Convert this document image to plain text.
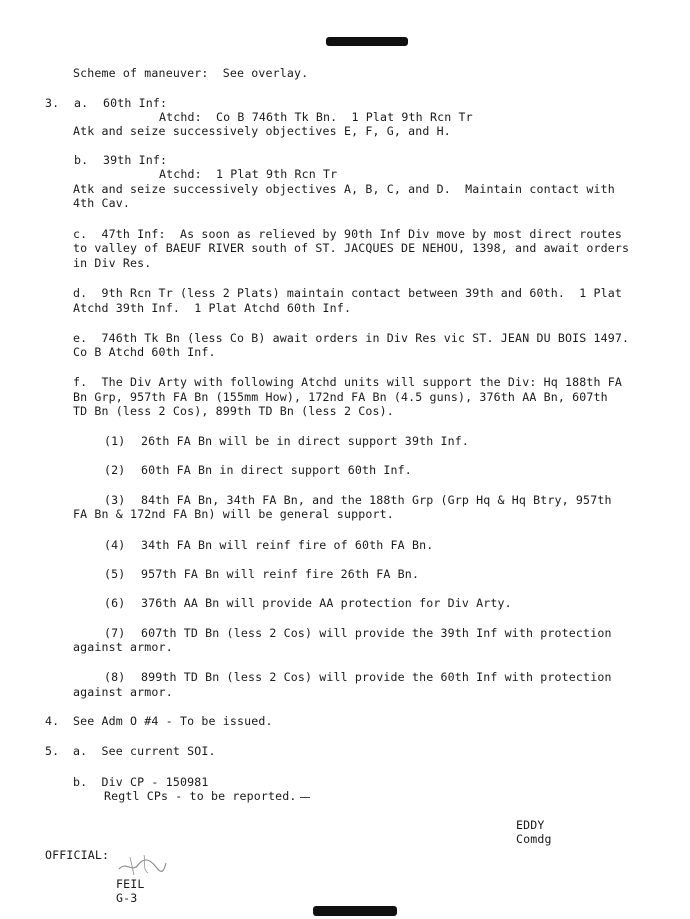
Scheme of maneuver:  See overlay.
3. a. 60th Inf:
Atchd:  Co B 746th Tk Bn.  1 Plat 9th Rcn Tr
Atk and seize successively objectives E, F, G, and H.
b. 39th Inf:
Atchd:  1 Plat 9th Rcn Tr
Atk and seize successively objectives A, B, C, and D.  Maintain contact with
4th Cav.
c.  47th Inf:  As soon as relieved by 90th Inf Div move by most direct routes
to valley of BAEUF RIVER south of ST. JACQUES DE NEHOU, 1398, and await orders
in Div Res.
d.  9th Rcn Tr (less 2 Plats) maintain contact between 39th and 60th.  1 Plat
Atchd 39th Inf.  1 Plat Atchd 60th Inf.
e.  746th Tk Bn (less Co B) await orders in Div Res vic ST. JEAN DU BOIS 1497.
Co B Atchd 60th Inf.
f.  The Div Arty with following Atchd units will support the Div: Hq 188th FA
Bn Grp, 957th FA Bn (155mm How), 172nd FA Bn (4.5 guns), 376th AA Bn, 607th
TD Bn (less 2 Cos), 899th TD Bn (less 2 Cos).
(1) 26th FA Bn will be in direct support 39th Inf.
(2) 60th FA Bn in direct support 60th Inf.
(3) 84th FA Bn, 34th FA Bn, and the 188th Grp (Grp Hq & Hq Btry, 957th
FA Bn & 172nd FA Bn) will be general support.
(4) 34th FA Bn will reinf fire of 60th FA Bn.
(5) 957th FA Bn will reinf fire 26th FA Bn.
(6) 376th AA Bn will provide AA protection for Div Arty.
(7) 607th TD Bn (less 2 Cos) will provide the 39th Inf with protection
against armor.
(8) 899th TD Bn (less 2 Cos) will provide the 60th Inf with protection
against armor.
4. See Adm O #4 - To be issued.
5. a.  See current SOI.
b.  Div CP - 150981
Regtl CPs - to be reported.
EDDY
Comdg
OFFICIAL:
FEIL
G-3
